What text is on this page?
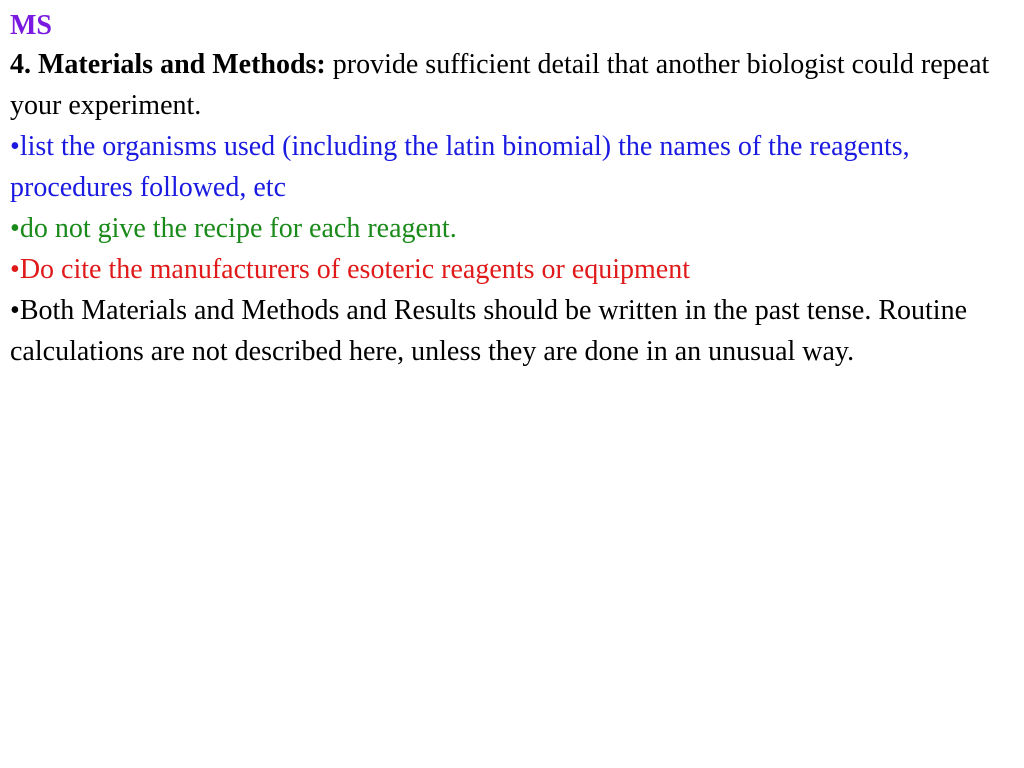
MS

4. Materials and Methods: provide sufficient detail that another biologist could repeat your experiment.

•list the organisms used (including the latin binomial) the names of the reagents, procedures followed, etc

•do not give the recipe for each reagent.

•Do cite the manufacturers of esoteric reagents or equipment

•Both Materials and Methods and Results should be written in the past tense. Routine calculations are not described here, unless they are done in an unusual way.
